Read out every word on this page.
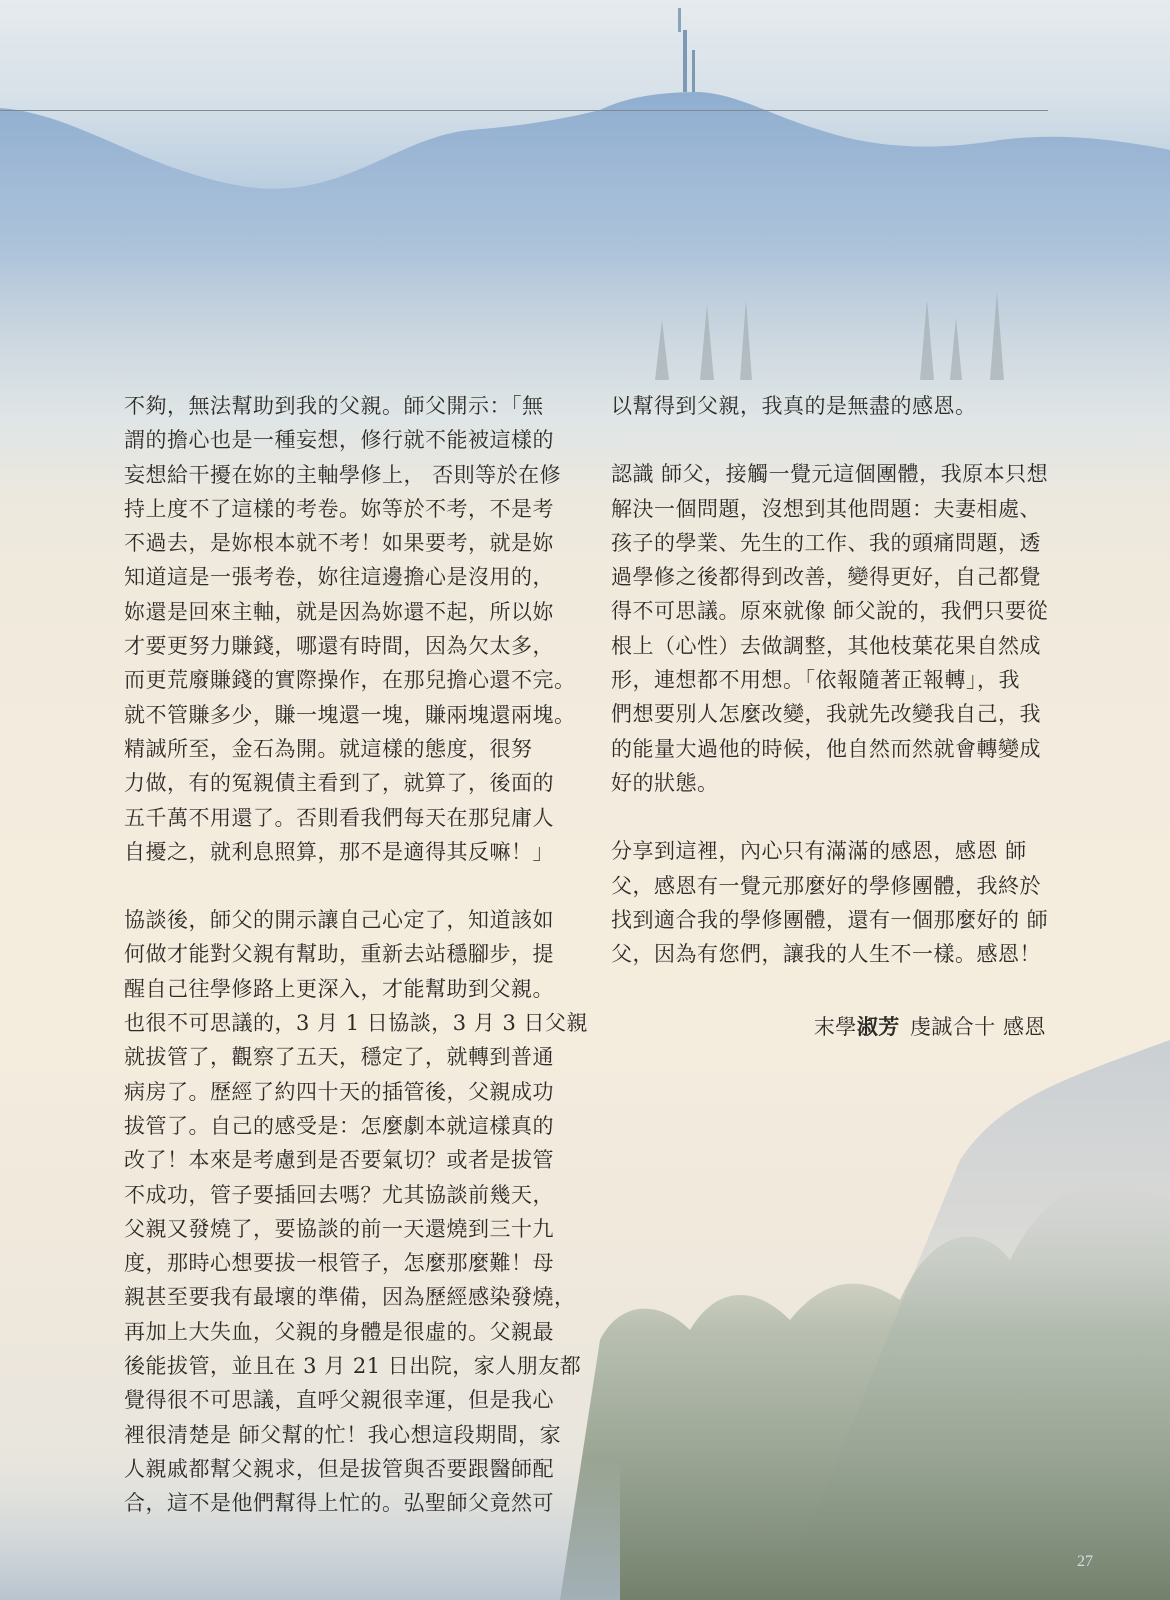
不夠，無法幫助到我的父親。師父開示：「無

謂的擔心也是一種妄想，修行就不能被這樣的

妄想給干擾在妳的主軸學修上， 否則等於在修

持上度不了這樣的考卷。妳等於不考，不是考

不過去，是妳根本就不考！如果要考，就是妳

知道這是一張考卷，妳往這邊擔心是沒用的，

妳還是回來主軸，就是因為妳還不起，所以妳

才要更努力賺錢，哪還有時間，因為欠太多，

而更荒廢賺錢的實際操作，在那兒擔心還不完。

就不管賺多少，賺一塊還一塊，賺兩塊還兩塊。

精誠所至，金石為開。就這樣的態度，很努

力做，有的冤親債主看到了，就算了，後面的

五千萬不用還了。否則看我們每天在那兒庸人

自擾之，就利息照算，那不是適得其反嘛！」

協談後，師父的開示讓自己心定了，知道該如

何做才能對父親有幫助，重新去站穩腳步，提

醒自己往學修路上更深入，才能幫助到父親。

也很不可思議的，3 月 1 日協談，3 月 3 日父親

就拔管了，觀察了五天，穩定了，就轉到普通

病房了。歷經了約四十天的插管後，父親成功

拔管了。自己的感受是：怎麼劇本就這樣真的

改了！本來是考慮到是否要氣切？或者是拔管

不成功，管子要插回去嗎？尤其協談前幾天，

父親又發燒了，要協談的前一天還燒到三十九

度，那時心想要拔一根管子，怎麼那麼難！母

親甚至要我有最壞的準備，因為歷經感染發燒，

再加上大失血，父親的身體是很虛的。父親最

後能拔管，並且在 3 月 21 日出院，家人朋友都

覺得很不可思議，直呼父親很幸運，但是我心

裡很清楚是 師父幫的忙！我心想這段期間，家

人親戚都幫父親求，但是拔管與否要跟醫師配

合，這不是他們幫得上忙的。弘聖師父竟然可

以幫得到父親，我真的是無盡的感恩。

認識 師父，接觸一覺元這個團體，我原本只想

解決一個問題，沒想到其他問題：夫妻相處、

孩子的學業、先生的工作、我的頭痛問題，透

過學修之後都得到改善，變得更好，自己都覺

得不可思議。原來就像 師父說的，我們只要從

根上（心性）去做調整，其他枝葉花果自然成

形，連想都不用想。「依報隨著正報轉」，我

們想要別人怎麼改變，我就先改變我自己，我

的能量大過他的時候，他自然而然就會轉變成

好的狀態。

分享到這裡，內心只有滿滿的感恩，感恩 師

父，感恩有一覺元那麼好的學修團體，我終於

找到適合我的學修團體，還有一個那麼好的 師

父，因為有您們，讓我的人生不一樣。感恩！

末學淑芳 虔誠合十 感恩
27
